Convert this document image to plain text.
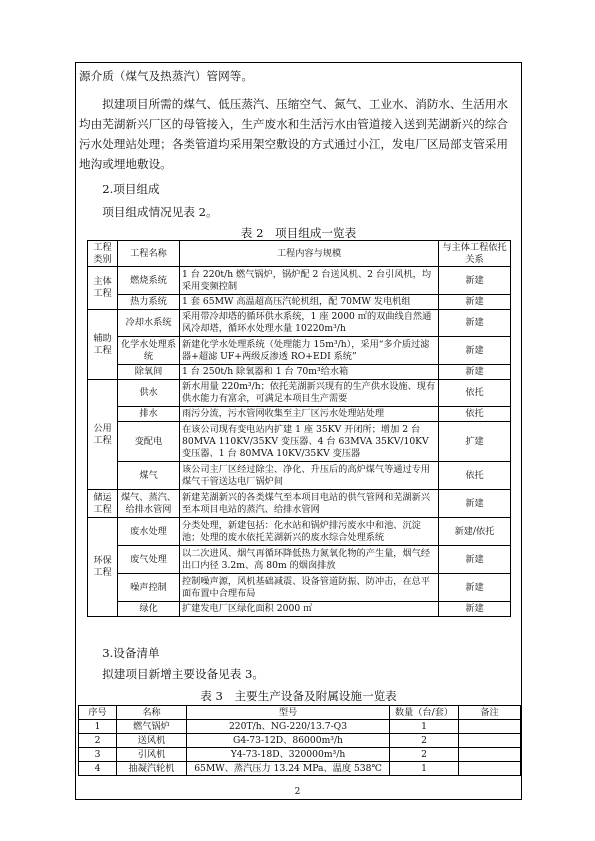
源介质（煤气及热蒸汽）管网等。

拟建项目所需的煤气、低压蒸汽、压缩空气、氮气、工业水、消防水、生活用水均由芜湖新兴厂区的母管接入，生产废水和生活污水由管道接入送到芜湖新兴的综合污水处理站处理；各类管道均采用架空敷设的方式通过小江，发电厂区局部支管采用地沟或埋地敷设。

2.项目组成

项目组成情况见表 2。

表 2　项目组成一览表

工程类别	工程名称	工程内容与规模	与主体工程依托关系
主体工程	燃烧系统	1 台 220t/h 燃气锅炉，锅炉配 2 台送风机、2 台引风机，均采用变频控制	新建
	热力系统	1 套 65MW 高温超高压汽轮机组，配 70MW 发电机组	新建
辅助工程	冷却水系统	采用带冷却塔的循环供水系统，1 座 2000 ㎡的双曲线自然通风冷却塔，循环水处理水量 10220m³/h	新建
	化学水处理系统	新建化学水处理系统（处理能力 15m³/h），采用“多介质过滤器+超滤 UF+两级反渗透 RO+EDI 系统”	新建
	除氧间	1 台 250t/h 除氧器和 1 台 70m³给水箱	新建
公用工程	供水	新水用量 220m³/h；依托芜湖新兴现有的生产供水设施、现有供水能力有富余，可满足本项目生产需要	依托
	排水	雨污分流，污水管网收集至主厂区污水处理站处理	依托
	变配电	在该公司现有变电站内扩建 1 座 35KV 开闭所；增加 2 台 80MVA 110KV/35KV 变压器、4 台 63MVA 35KV/10KV 变压器、1 台 80MVA 10KV/35KV 变压器	扩建
	煤气	该公司主厂区经过除尘、净化、升压后的高炉煤气等通过专用煤气干管送达电厂锅炉间	依托
储运工程	煤气、蒸汽、给排水管网	新建芜湖新兴的各类煤气至本项目电站的供气管网和芜湖新兴至本项目电站的蒸汽、给排水管网	新建
环保工程	废水处理	分类处理，新建包括：化水站和锅炉排污废水中和池、沉淀池；处理的废水依托芜湖新兴的废水综合处理系统	新建/依托
	废气处理	以二次进风、烟气再循环降低热力氮氧化物的产生量，烟气经出口内径 3.2m、高 80m 的烟囱排放	新建
	噪声控制	控制噪声源，风机基础减震、设备管道防振、防冲击，在总平面布置中合理布局	新建
	绿化	扩建发电厂区绿化面积 2000 ㎡	新建

3.设备清单

拟建项目新增主要设备见表 3。

表 3　主要生产设备及附属设施一览表

序号	名称	型号	数量（台/套）	备注
1	燃气锅炉	220T/h、NG-220/13.7-Q3	1	
2	送风机	G4-73-12D、86000m³/h	2	
3	引风机	Y4-73-18D、320000m³/h	2	
4	抽凝汽轮机	65MW、蒸汽压力 13.24 MPa、温度 538℃	1	

2
